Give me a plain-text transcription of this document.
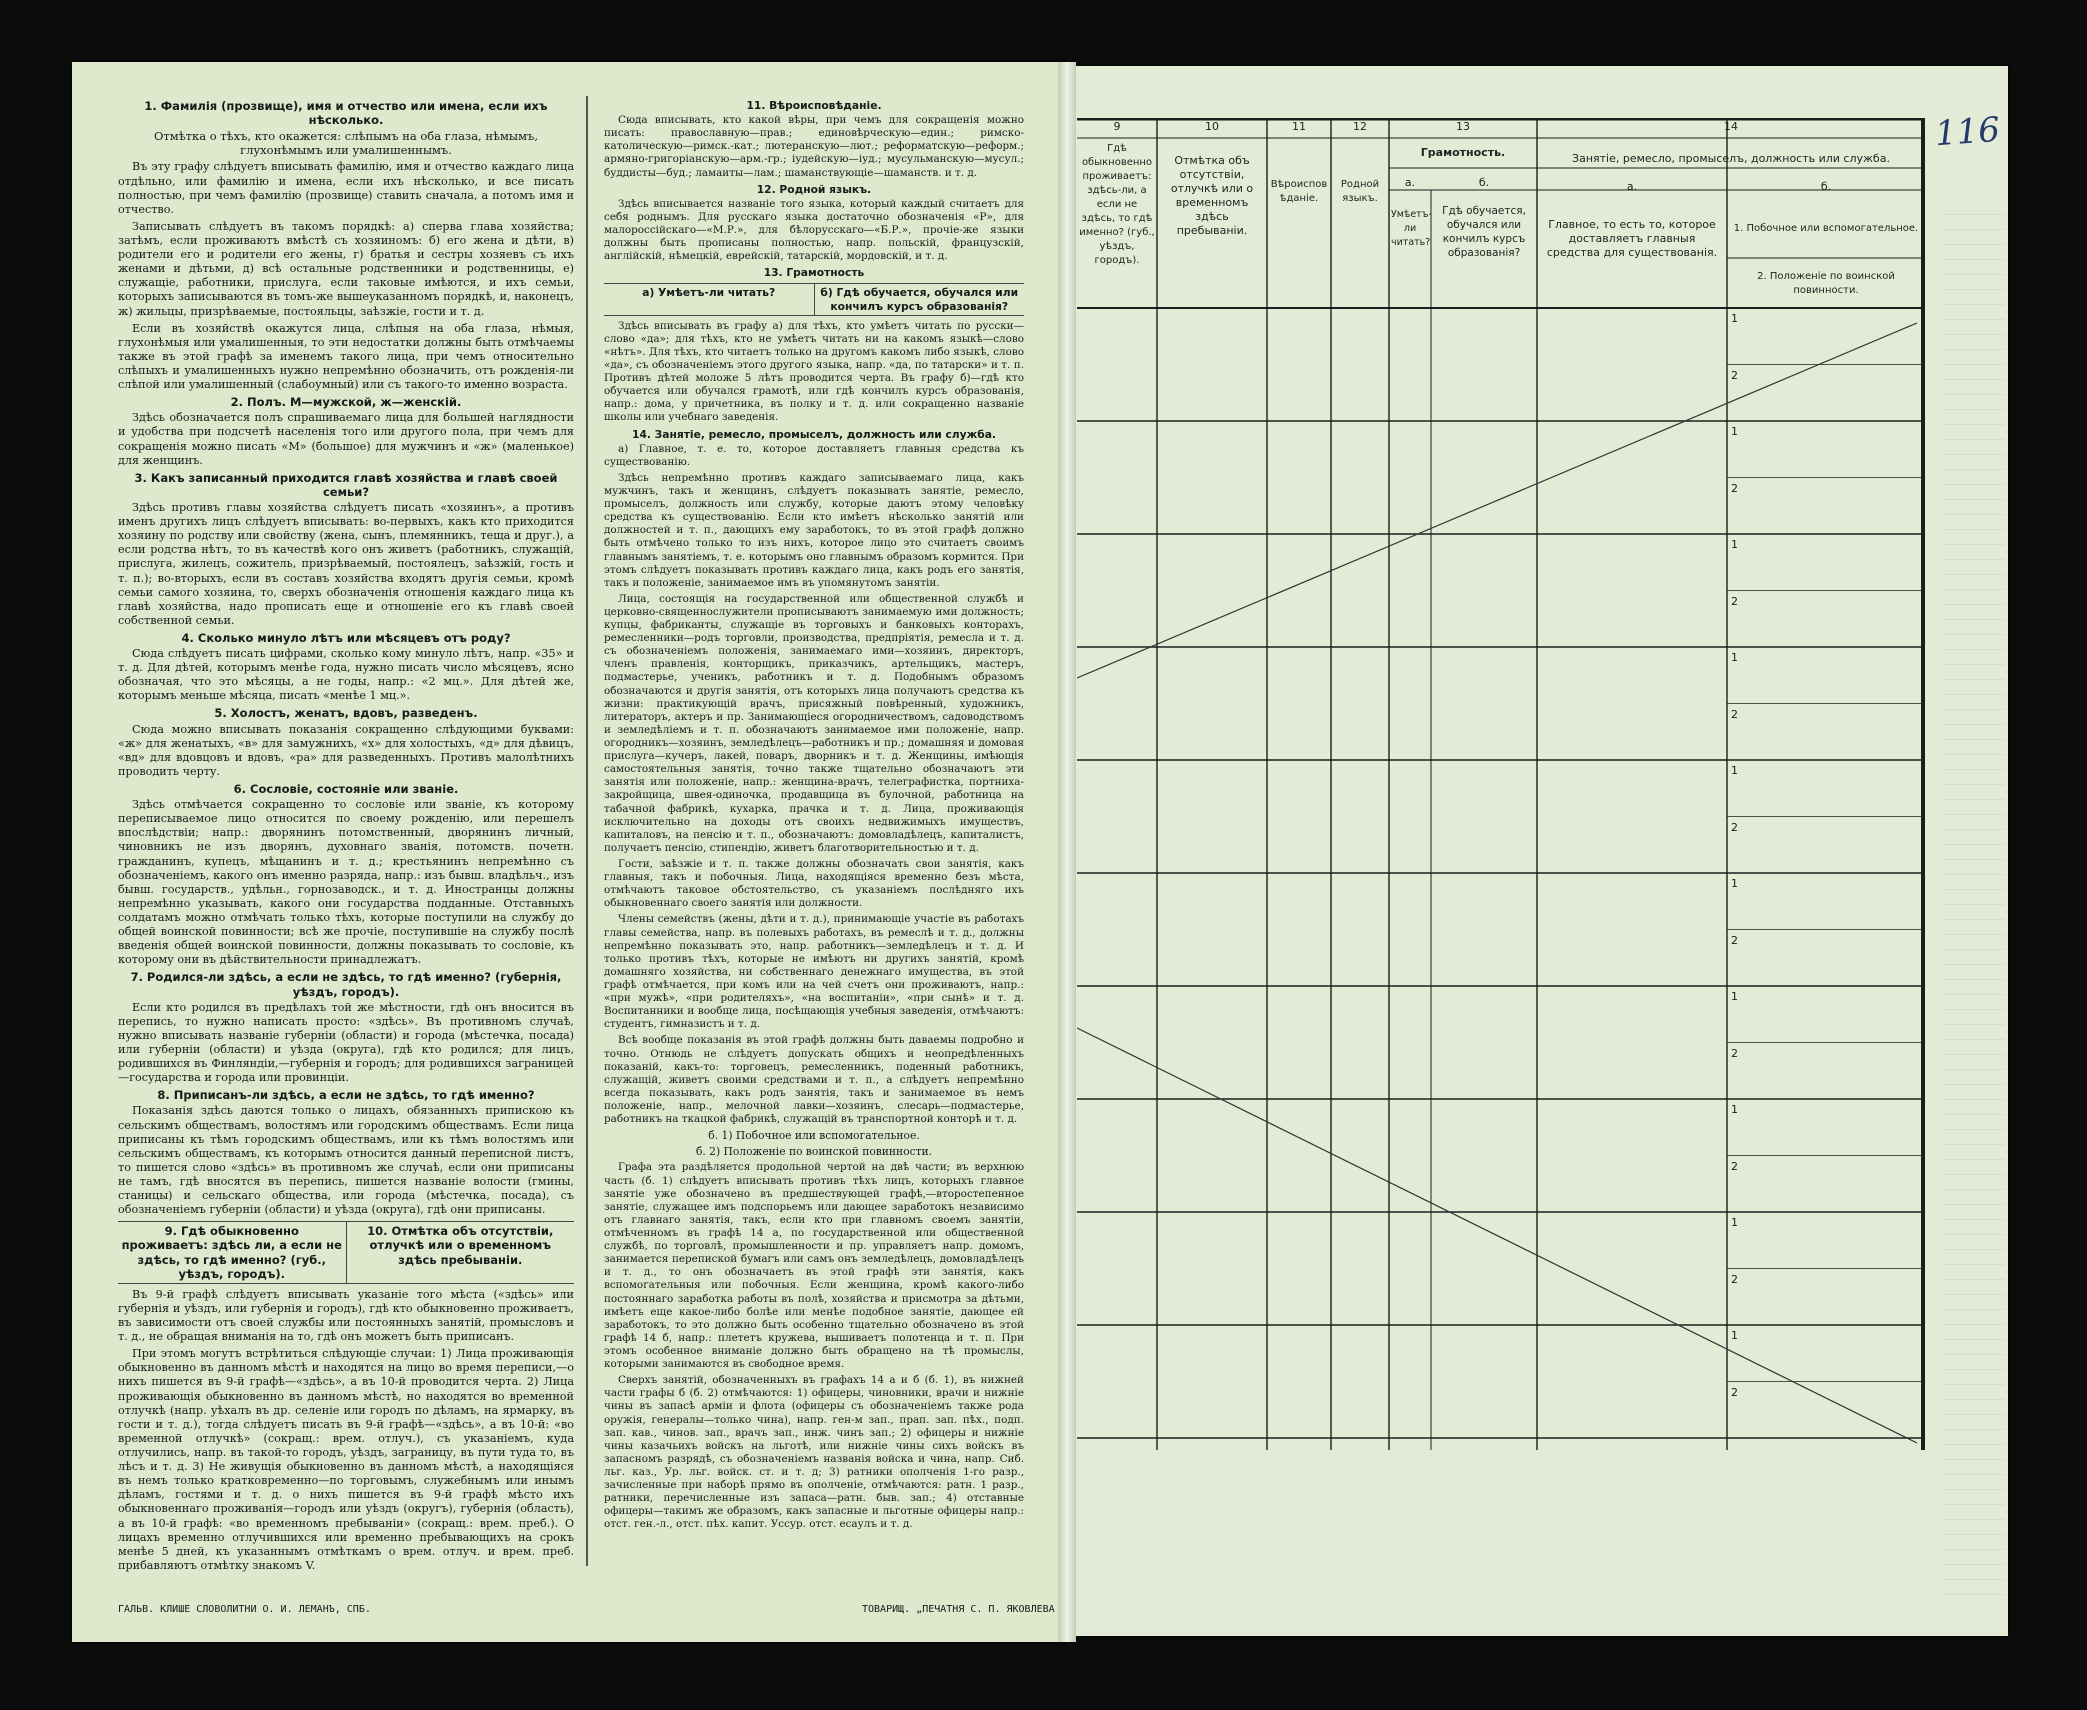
1. Фамилія (прозвище), имя и отчество или имена, если ихъ нѣсколько.
Отмѣтка о тѣхъ, кто окажется: слѣпымъ на оба глаза, нѣмымъ, глухонѣмымъ или умалишеннымъ.

Въ эту графу слѣдуетъ вписывать фамилію, имя и отчество каждаго лица отдѣльно, или фамилію и имена, если ихъ нѣсколько, и все писать полностью, при чемъ фамилію (прозвище) ставить сначала, а потомъ имя и отчество.

Записывать слѣдуетъ въ такомъ порядкѣ: а) сперва глава хозяйства; затѣмъ, если проживаютъ вмѣстѣ съ хозяиномъ: б) его жена и дѣти, в) родители его и родители его жены, г) братья и сестры хозяевъ съ ихъ женами и дѣтьми, д) всѣ остальные родственники и родственницы, е) служащіе, работники, прислуга, если таковые имѣются, и ихъ семьи, которыхъ записываются въ томъ-же вышеуказанномъ порядкѣ, и, наконецъ, ж) жильцы, призрѣваемые, постояльцы, заѣзжіе, гости и т. д.

Если въ хозяйствѣ окажутся лица, слѣпыя на оба глаза, нѣмыя, глухонѣмыя или умалишенныя, то эти недостатки должны быть отмѣчаемы также въ этой графѣ за именемъ такого лица, при чемъ относительно слѣпыхъ и умалишенныхъ нужно непремѣнно обозначить, отъ рожденія-ли слѣпой или умалишенный (слабоумный) или съ такого-то именно возраста.

2. Полъ. М—мужской, ж—женскій.

Здѣсь обозначается полъ спрашиваемаго лица для большей наглядности и удобства при подсчетѣ населенія того или другого пола, при чемъ для сокращенія можно писать «М» (большое) для мужчинъ и «ж» (маленькое) для женщинъ.

3. Какъ записанный приходится главѣ хозяйства и главѣ своей семьи?

Здѣсь противъ главы хозяйства слѣдуетъ писать «хозяинъ», а противъ именъ другихъ лицъ слѣдуетъ вписывать: во-первыхъ, какъ кто приходится хозяину по родству или свойству (жена, сынъ, племянникъ, теща и друг.), а если родства нѣтъ, то въ качествѣ кого онъ живетъ (работникъ, служащій, прислуга, жилецъ, сожитель, призрѣваемый, постоялецъ, заѣзжій, гость и т. п.); во-вторыхъ, если въ составъ хозяйства входятъ другія семьи, кромѣ семьи самого хозяина, то, сверхъ обозначенія отношенія каждаго лица къ главѣ хозяйства, надо прописать еще и отношеніе его къ главѣ своей собственной семьи.

4. Сколько минуло лѣтъ или мѣсяцевъ отъ роду?

Сюда слѣдуетъ писать цифрами, сколько кому минуло лѣтъ, напр. «35» и т. д. Для дѣтей, которымъ менѣе года, нужно писать число мѣсяцевъ, ясно обозначая, что это мѣсяцы, а не годы, напр.: «2 мц.». Для дѣтей же, которымъ меньше мѣсяца, писать «менѣе 1 мц.».

5. Холостъ, женатъ, вдовъ, разведенъ.

Сюда можно вписывать показанія сокращенно слѣдующими буквами: «ж» для женатыхъ, «в» для замужнихъ, «х» для холостыхъ, «д» для дѣвицъ, «вд» для вдовцовъ и вдовъ, «ра» для разведенныхъ. Противъ малолѣтнихъ проводить черту.

6. Сословіе, состояніе или званіе.

Здѣсь отмѣчается сокращенно то сословіе или званіе, къ которому переписываемое лицо относится по своему рожденію, или перешелъ впослѣдствіи; напр.: дворянинъ потомственный, дворянинъ личный, чиновникъ не изъ дворянъ, духовнаго званія, потомств. почетн. гражданинъ, купецъ, мѣщанинъ и т. д.; крестьянинъ непремѣнно съ обозначеніемъ, какого онъ именно разряда, напр.: изъ бывш. владѣльч., изъ бывш. государств., удѣльн., горнозаводск., и т. д. Иностранцы должны непремѣнно указывать, какого они государства подданные. Отставныхъ солдатамъ можно отмѣчать только тѣхъ, которые поступили на службу до общей воинской повинности; всѣ же прочіе, поступившіе на службу послѣ введенія общей воинской повинности, должны показывать то сословіе, къ которому они въ дѣйствительности принадлежатъ.

7. Родился-ли здѣсь, а если не здѣсь, то гдѣ именно? (губернія, уѣздъ, городъ).

Если кто родился въ предѣлахъ той же мѣстности, гдѣ онъ вносится въ перепись, то нужно написать просто: «здѣсь». Въ противномъ случаѣ, нужно вписывать названіе губерніи (области) и города (мѣстечка, посада) или губерніи (области) и уѣзда (округа), гдѣ кто родился; для лицъ, родившихся въ Финляндіи,—губернія и городъ; для родившихся заграницей—государства и города или провинціи.

8. Приписанъ-ли здѣсь, а если не здѣсь, то гдѣ именно?

Показанія здѣсь даются только о лицахъ, обязанныхъ припискою къ сельскимъ обществамъ, волостямъ или городскимъ обществамъ. Если лица приписаны къ тѣмъ городскимъ обществамъ, или къ тѣмъ волостямъ или сельскимъ обществамъ, къ которымъ относится данный переписной листъ, то пишется слово «здѣсь» въ противномъ же случаѣ, если они приписаны не тамъ, гдѣ вносятся въ перепись, пишется названіе волости (гмины, станицы) и сельскаго общества, или города (мѣстечка, посада), съ обозначеніемъ губерніи (области) и уѣзда (округа), гдѣ они приписаны.

9. Гдѣ обыкновенно проживаетъ: здѣсь ли, а если не здѣсь, то гдѣ именно? (губ., уѣздъ, городъ).
10. Отмѣтка объ отсутствіи, отлучкѣ или о временномъ здѣсь пребываніи.

Въ 9-й графѣ слѣдуетъ вписывать указаніе того мѣста («здѣсь» или губернія и уѣздъ, или губернія и городъ), гдѣ кто обыкновенно проживаетъ, въ зависимости отъ своей службы или постоянныхъ занятій, промысловъ и т. д., не обращая вниманія на то, гдѣ онъ можетъ быть приписанъ.

При этомъ могутъ встрѣтиться слѣдующіе случаи: 1) Лица проживающія обыкновенно въ данномъ мѣстѣ и находятся на лицо во время переписи,—о нихъ пишется въ 9-й графѣ—«здѣсь», а въ 10-й проводится черта. 2) Лица проживающія обыкновенно въ данномъ мѣстѣ, но находятся во временной отлучкѣ (напр. уѣхалъ въ др. селеніе или городъ по дѣламъ, на ярмарку, въ гости и т. д.), тогда слѣдуетъ писать въ 9-й графѣ—«здѣсь», а въ 10-й: «во временной отлучкѣ» (сокращ.: врем. отлуч.), съ указаніемъ, куда отлучились, напр. въ такой-то городъ, уѣздъ, заграницу, въ пути туда то, въ лѣсъ и т. д. 3) Не живущія обыкновенно въ данномъ мѣстѣ, а находящіяся въ немъ только кратковременно—по торговымъ, служебнымъ или инымъ дѣламъ, гостями и т. д. о нихъ пишется въ 9-й графѣ мѣсто ихъ обыкновеннаго проживанія—городъ или уѣздъ (округъ), губернія (область), а въ 10-й графѣ: «во временномъ пребываніи» (сокращ.: врем. преб.). О лицахъ временно отлучившихся или временно пребывающихъ на срокъ менѣе 5 дней, къ указаннымъ отмѣткамъ о врем. отлуч. и врем. преб. прибавляютъ отмѣтку знакомъ V.

11. Вѣроисповѣданіе.

Сюда вписывать, кто какой вѣры, при чемъ для сокращенія можно писать: православную—прав.; единовѣрческую—един.; римско-католическую—римск.-кат.; лютеранскую—лют.; реформатскую—реформ.; армяно-григоріанскую—арм.-гр.; іудейскую—іуд.; мусульманскую—мусул.; буддисты—буд.; ламаиты—лам.; шаманствующіе—шаманств. и т. д.

12. Родной языкъ.

Здѣсь вписывается названіе того языка, который каждый считаетъ для себя роднымъ. Для русскаго языка достаточно обозначенія «Р», для малороссійскаго—«М.Р.», для бѣлорусскаго—«Б.Р.», прочіе-же языки должны быть прописаны полностью, напр. польскій, французскій, англійскій, нѣмецкій, еврейскій, татарскій, мордовскій, и т. д.

13. Грамотность
а) Умѣетъ-ли читать?	б) Гдѣ обучается, обучался или кончилъ курсъ образованія?

Здѣсь вписывать въ графу а) для тѣхъ, кто умѣетъ читать по русски—слово «да»; для тѣхъ, кто не умѣетъ читать ни на какомъ языкѣ—слово «нѣтъ». Для тѣхъ, кто читаетъ только на другомъ какомъ либо языкѣ, слово «да», съ обозначеніемъ этого другого языка, напр. «да, по татарски» и т. п. Противъ дѣтей моложе 5 лѣтъ проводится черта. Въ графу б)—гдѣ кто обучается или обучался грамотѣ, или гдѣ кончилъ курсъ образованія, напр.: дома, у причетника, въ полку и т. д. или сокращенно названіе школы или учебнаго заведенія.

14. Занятіе, ремесло, промыселъ, должность или служба.

а) Главное, т. е. то, которое доставляетъ главныя средства къ существованію.

Здѣсь непремѣнно противъ каждаго записываемаго лица, какъ мужчинъ, такъ и женщинъ, слѣдуетъ показывать занятіе, ремесло, промыселъ, должность или службу, которые даютъ этому человѣку средства къ существованію. Если кто имѣетъ нѣсколько занятій или должностей и т. п., дающихъ ему заработокъ, то въ этой графѣ должно быть отмѣчено только то изъ нихъ, которое лицо это считаетъ своимъ главнымъ занятіемъ, т. е. которымъ оно главнымъ образомъ кормится. При этомъ слѣдуетъ показывать противъ каждаго лица, какъ родъ его занятія, такъ и положеніе, занимаемое имъ въ упомянутомъ занятіи.

Лица, состоящія на государственной или общественной службѣ и церковно-священнослужители прописываютъ занимаемую ими должность; купцы, фабриканты, служащіе въ торговыхъ и банковыхъ конторахъ, ремесленники—родъ торговли, производства, предпріятія, ремесла и т. д. съ обозначеніемъ положенія, занимаемаго ими—хозяинъ, директоръ, членъ правленія, конторщикъ, приказчикъ, артельщикъ, мастеръ, подмастерье, ученикъ, работникъ и т. д. Подобнымъ образомъ обозначаются и другія занятія, отъ которыхъ лица получаютъ средства къ жизни: практикующій врачъ, присяжный повѣренный, художникъ, литераторъ, актеръ и пр. Занимающіеся огородничествомъ, садоводствомъ и земледѣліемъ и т. п. обозначаютъ занимаемое ими положеніе, напр. огородникъ—хозяинъ, земледѣлецъ—работникъ и пр.; домашняя и домовая прислуга—кучеръ, лакей, поваръ, дворникъ и т. д. Женщины, имѣющія самостоятельныя занятія, точно также тщательно обозначаютъ эти занятія или положеніе, напр.: женщина-врачъ, телеграфистка, портниха-закройщица, швея-одиночка, продавщица въ булочной, работница на табачной фабрикѣ, кухарка, прачка и т. д. Лица, проживающія исключительно на доходы отъ своихъ недвижимыхъ имуществъ, капиталовъ, на пенсію и т. п., обозначаютъ: домовладѣлецъ, капиталистъ, получаетъ пенсію, стипендію, живетъ благотворительностью и т. д.

Гости, заѣзжіе и т. п. также должны обозначать свои занятія, какъ главныя, такъ и побочныя. Лица, находящіяся временно безъ мѣста, отмѣчаютъ таковое обстоятельство, съ указаніемъ послѣдняго ихъ обыкновеннаго своего занятія или должности.

Члены семействъ (жены, дѣти и т. д.), принимающіе участіе въ работахъ главы семейства, напр. въ полевыхъ работахъ, въ ремеслѣ и т. д., должны непремѣнно показывать это, напр. работникъ—земледѣлецъ и т. д. И только противъ тѣхъ, которые не имѣютъ ни другихъ занятій, кромѣ домашняго хозяйства, ни собственнаго денежнаго имущества, въ этой графѣ отмѣчается, при комъ или на чей счетъ они проживаютъ, напр.: «при мужѣ», «при родителяхъ», «на воспитаніи», «при сынѣ» и т. д. Воспитанники и вообще лица, посѣщающія учебныя заведенія, отмѣчаютъ: студентъ, гимназистъ и т. д.

Всѣ вообще показанія въ этой графѣ должны быть даваемы подробно и точно. Отнюдь не слѣдуетъ допускать общихъ и неопредѣленныхъ показаній, какъ-то: торговецъ, ремесленникъ, поденный работникъ, служащій, живетъ своими средствами и т. п., а слѣдуетъ непремѣнно всегда показывать, какъ родъ занятія, такъ и занимаемое въ немъ положеніе, напр., мелочной лавки—хозяинъ, слесарь—подмастерье, работникъ на ткацкой фабрикѣ, служащій въ транспортной конторѣ и т. д.

б. 1) Побочное или вспомогательное.
б. 2) Положеніе по воинской повинности.

Графа эта раздѣляется продольной чертой на двѣ части; въ верхнюю часть (б. 1) слѣдуетъ вписывать противъ тѣхъ лицъ, которыхъ главное занятіе уже обозначено въ предшествующей графѣ,—второстепенное занятіе, служащее имъ подспорьемъ или дающее заработокъ независимо отъ главнаго занятія, такъ, если кто при главномъ своемъ занятіи, отмѣченномъ въ графѣ 14 а, по государственной или общественной службѣ, по торговлѣ, промышленности и пр. управляетъ напр. домомъ, занимается перепиской бумагъ или самъ онъ земледѣлецъ, домовладѣлецъ и т. д., то онъ обозначаетъ въ этой графѣ эти занятія, какъ вспомогательныя или побочныя. Если женщина, кромѣ какого-либо постояннаго заработка работы въ полѣ, хозяйства и присмотра за дѣтьми, имѣетъ еще какое-либо болѣе или менѣе подобное занятіе, дающее ей заработокъ, то это должно быть особенно тщательно обозначено въ этой графѣ 14 б, напр.: плететъ кружева, вышиваетъ полотенца и т. п. При этомъ особенное вниманіе должно быть обращено на тѣ промыслы, которыми занимаются въ свободное время.

Сверхъ занятій, обозначенныхъ въ графахъ 14 а и б (б. 1), въ нижней части графы б (б. 2) отмѣчаются: 1) офицеры, чиновники, врачи и нижніе чины въ запасѣ арміи и флота (офицеры съ обозначеніемъ также рода оружія, генералы—только чина), напр. ген-м зап., прап. зап. пѣх., подп. зап. кав., чинов. зап., врачъ зап., инж. чинъ зап.; 2) офицеры и нижніе чины казачьихъ войскъ на льготѣ, или нижніе чины сихъ войскъ въ запасномъ разрядѣ, съ обозначеніемъ названія войска и чина, напр. Сиб. льг. каз., Ур. льг. войск. ст. и т. д; 3) ратники ополченія 1-го разр., зачисленные при наборѣ прямо въ ополченіе, отмѣчаются: ратн. 1 разр., ратники, перечисленные изъ запаса—ратн. быв. зап.; 4) отставные офицеры—такимъ же образомъ, какъ запасные и льготные офицеры напр.: отст. ген.-л., отст. пѣх. капит. Уссур. отст. есаулъ и т. д.

ГАЛЬВ. КЛИШЕ СЛОВОЛИТНИ О. И. ЛЕМАНЪ, СПБ.	ТОВАРИЩ. „ПЕЧАТНЯ С. П. ЯКОВЛЕВА
116
9	10	11	12	13	14
Гдѣ обыкновенно проживаетъ: здѣсь-ли, а если не здѣсь, то гдѣ именно? (губ., уѣздъ, городъ).
Отмѣтка объ отсутствіи, отлучкѣ или о временномъ здѣсь пребываніи.
Вѣроисповѣданіе.
Родной языкъ.
Грамотность.
а.	б.
Умѣетъ-ли читать?
Гдѣ обучается, обучался или кончилъ курсъ образованія?
Занятіе, ремесло, промыселъ, должность или служба.
а.	б.
Главное, то есть то, которое доставляетъ главныя средства для существованія.
1. Побочное или вспомогательное.
2. Положеніе по воинской повинности.
1
2
1
2
1
2
1
2
1
2
1
2
1
2
1
2
1
2
1
2
